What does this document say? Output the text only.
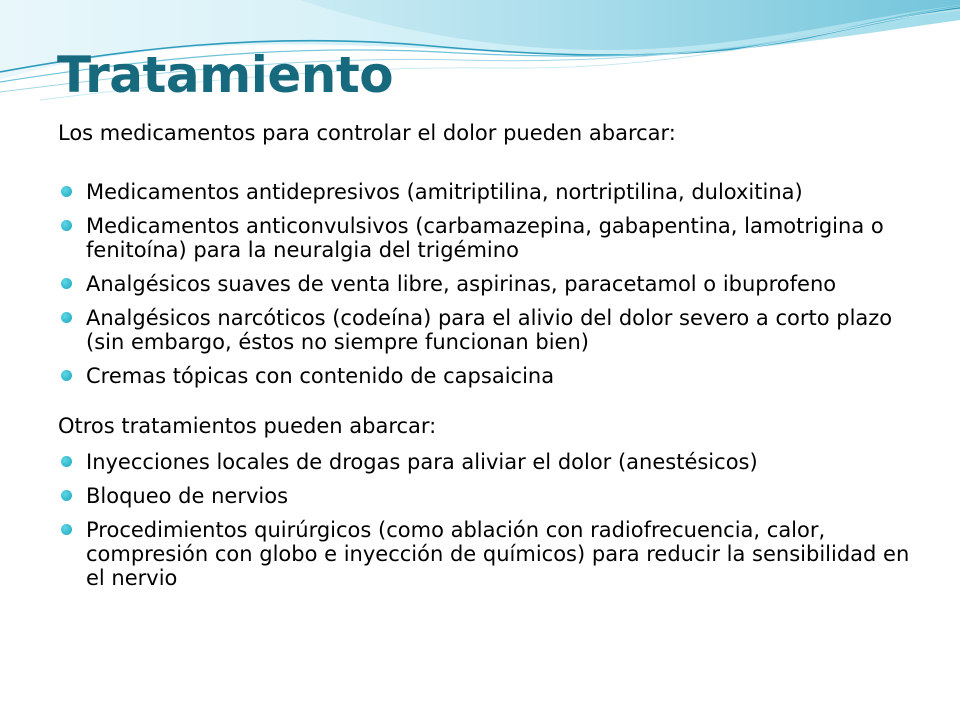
Tratamiento

Los medicamentos para controlar el dolor pueden abarcar:

Medicamentos antidepresivos (amitriptilina, nortriptilina, duloxitina)
Medicamentos anticonvulsivos (carbamazepina, gabapentina, lamotrigina o fenitoína) para la neuralgia del trigémino
Analgésicos suaves de venta libre, aspirinas, paracetamol o ibuprofeno
Analgésicos narcóticos (codeína) para el alivio del dolor severo a corto plazo (sin embargo, éstos no siempre funcionan bien)
Cremas tópicas con contenido de capsaicina

Otros tratamientos pueden abarcar:

Inyecciones locales de drogas para aliviar el dolor (anestésicos)
Bloqueo de nervios
Procedimientos quirúrgicos (como ablación con radiofrecuencia, calor, compresión con globo e inyección de químicos) para reducir la sensibilidad en el nervio
